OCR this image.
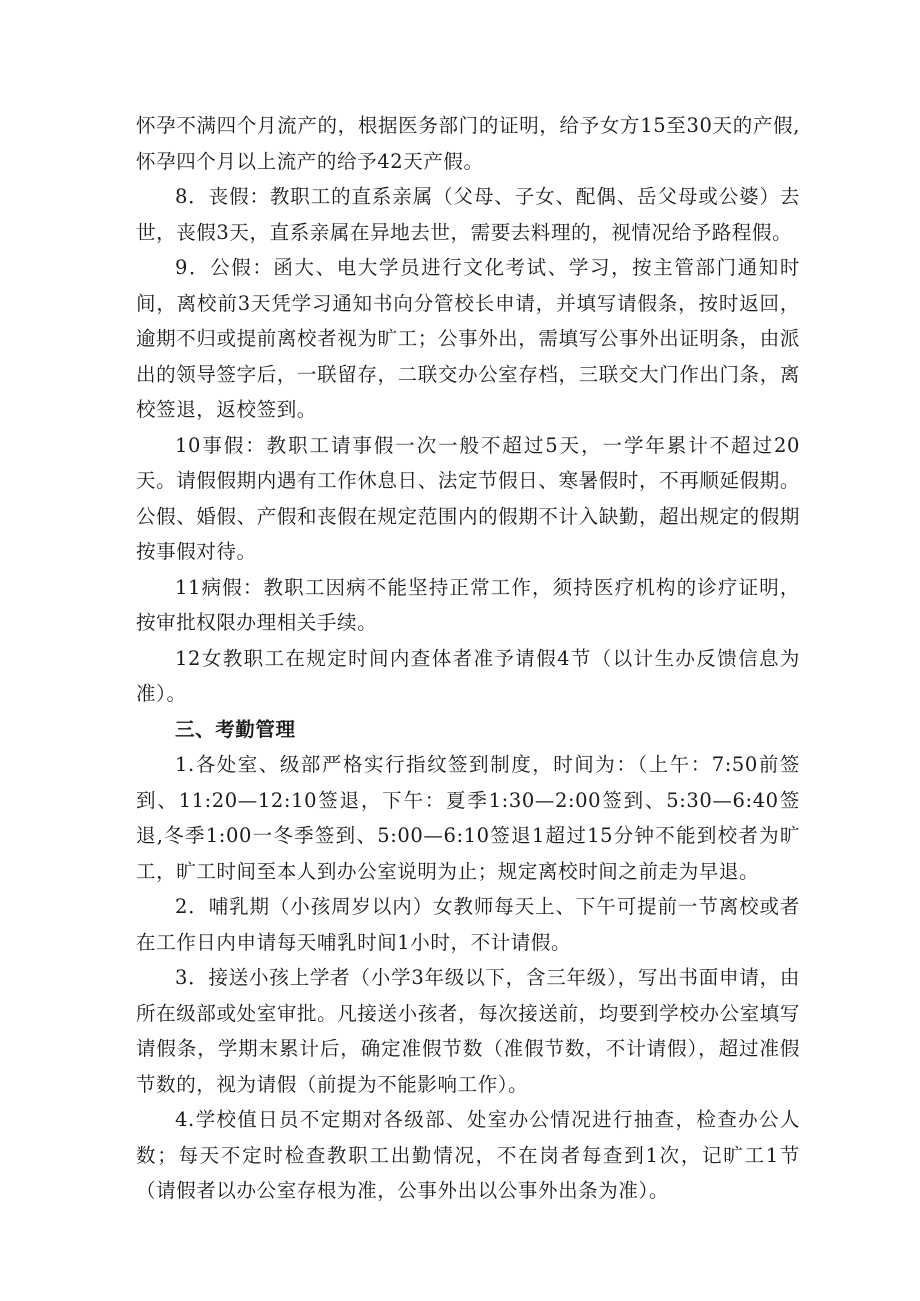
怀孕不满四个月流产的，根据医务部门的证明，给予女方15至30天的产假,怀孕四个月以上流产的给予42天产假。

8．丧假：教职工的直系亲属（父母、子女、配偶、岳父母或公婆）去世，丧假3天，直系亲属在异地去世，需要去料理的，视情况给予路程假。

9．公假：函大、电大学员进行文化考试、学习，按主管部门通知时间，离校前3天凭学习通知书向分管校长申请，并填写请假条，按时返回，逾期不归或提前离校者视为旷工；公事外出，需填写公事外出证明条，由派出的领导签字后，一联留存，二联交办公室存档，三联交大门作出门条，离校签退，返校签到。

10事假：教职工请事假一次一般不超过5天，一学年累计不超过20天。请假假期内遇有工作休息日、法定节假日、寒暑假时，不再顺延假期。公假、婚假、产假和丧假在规定范围内的假期不计入缺勤，超出规定的假期按事假对待。

11病假：教职工因病不能坚持正常工作，须持医疗机构的诊疗证明，按审批权限办理相关手续。

12女教职工在规定时间内查体者准予请假4节（以计生办反馈信息为准）。

三、考勤管理

1.各处室、级部严格实行指纹签到制度，时间为：（上午：7:50前签到、11:20—12:10签退，下午：夏季1:30—2:00签到、5:30—6:40签退,冬季1:00一冬季签到、5:00—6:10签退1超过15分钟不能到校者为旷工，旷工时间至本人到办公室说明为止；规定离校时间之前走为早退。

2．哺乳期（小孩周岁以内）女教师每天上、下午可提前一节离校或者在工作日内申请每天哺乳时间1小时，不计请假。

3．接送小孩上学者（小学3年级以下，含三年级），写出书面申请，由所在级部或处室审批。凡接送小孩者，每次接送前，均要到学校办公室填写请假条，学期末累计后，确定准假节数（准假节数，不计请假），超过准假节数的，视为请假（前提为不能影响工作）。

4.学校值日员不定期对各级部、处室办公情况进行抽查，检查办公人数；每天不定时检查教职工出勤情况，不在岗者每查到1次，记旷工1节（请假者以办公室存根为准，公事外出以公事外出条为准）。
